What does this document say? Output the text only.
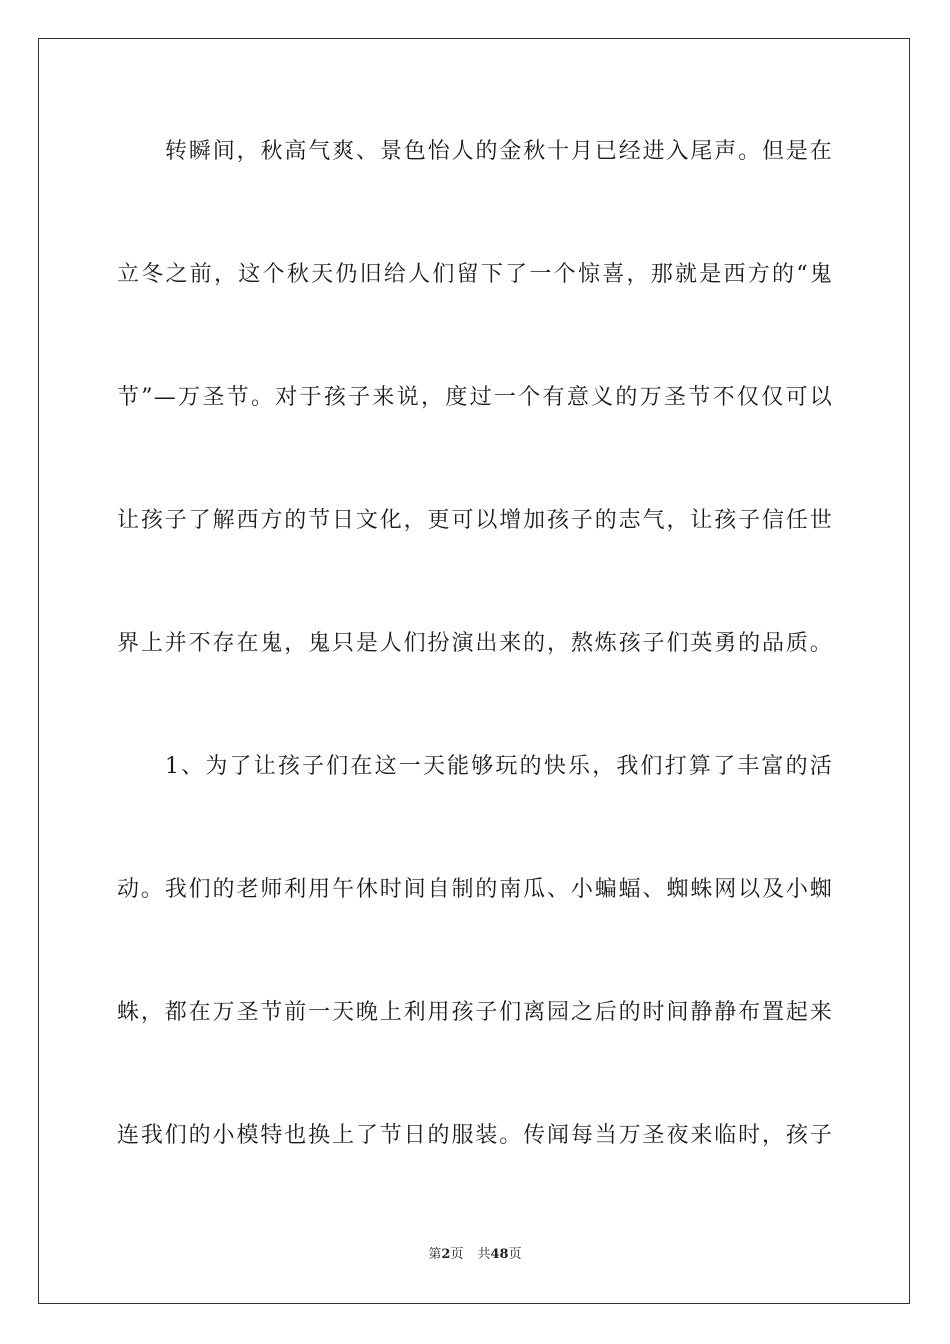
转瞬间，秋高气爽、景色怡人的金秋十月已经进入尾声。但是在
立冬之前，这个秋天仍旧给人们留下了一个惊喜，那就是西方的“鬼
节”—万圣节。对于孩子来说，度过一个有意义的万圣节不仅仅可以
让孩子了解西方的节日文化，更可以增加孩子的志气，让孩子信任世
界上并不存在鬼，鬼只是人们扮演出来的，熬炼孩子们英勇的品质。
1、为了让孩子们在这一天能够玩的快乐，我们打算了丰富的活
动。我们的老师利用午休时间自制的南瓜、小蝙蝠、蜘蛛网以及小蜘
蛛，都在万圣节前一天晚上利用孩子们离园之后的时间静静布置起来
连我们的小模特也换上了节日的服装。传闻每当万圣夜来临时，孩子
第2页 共48页
